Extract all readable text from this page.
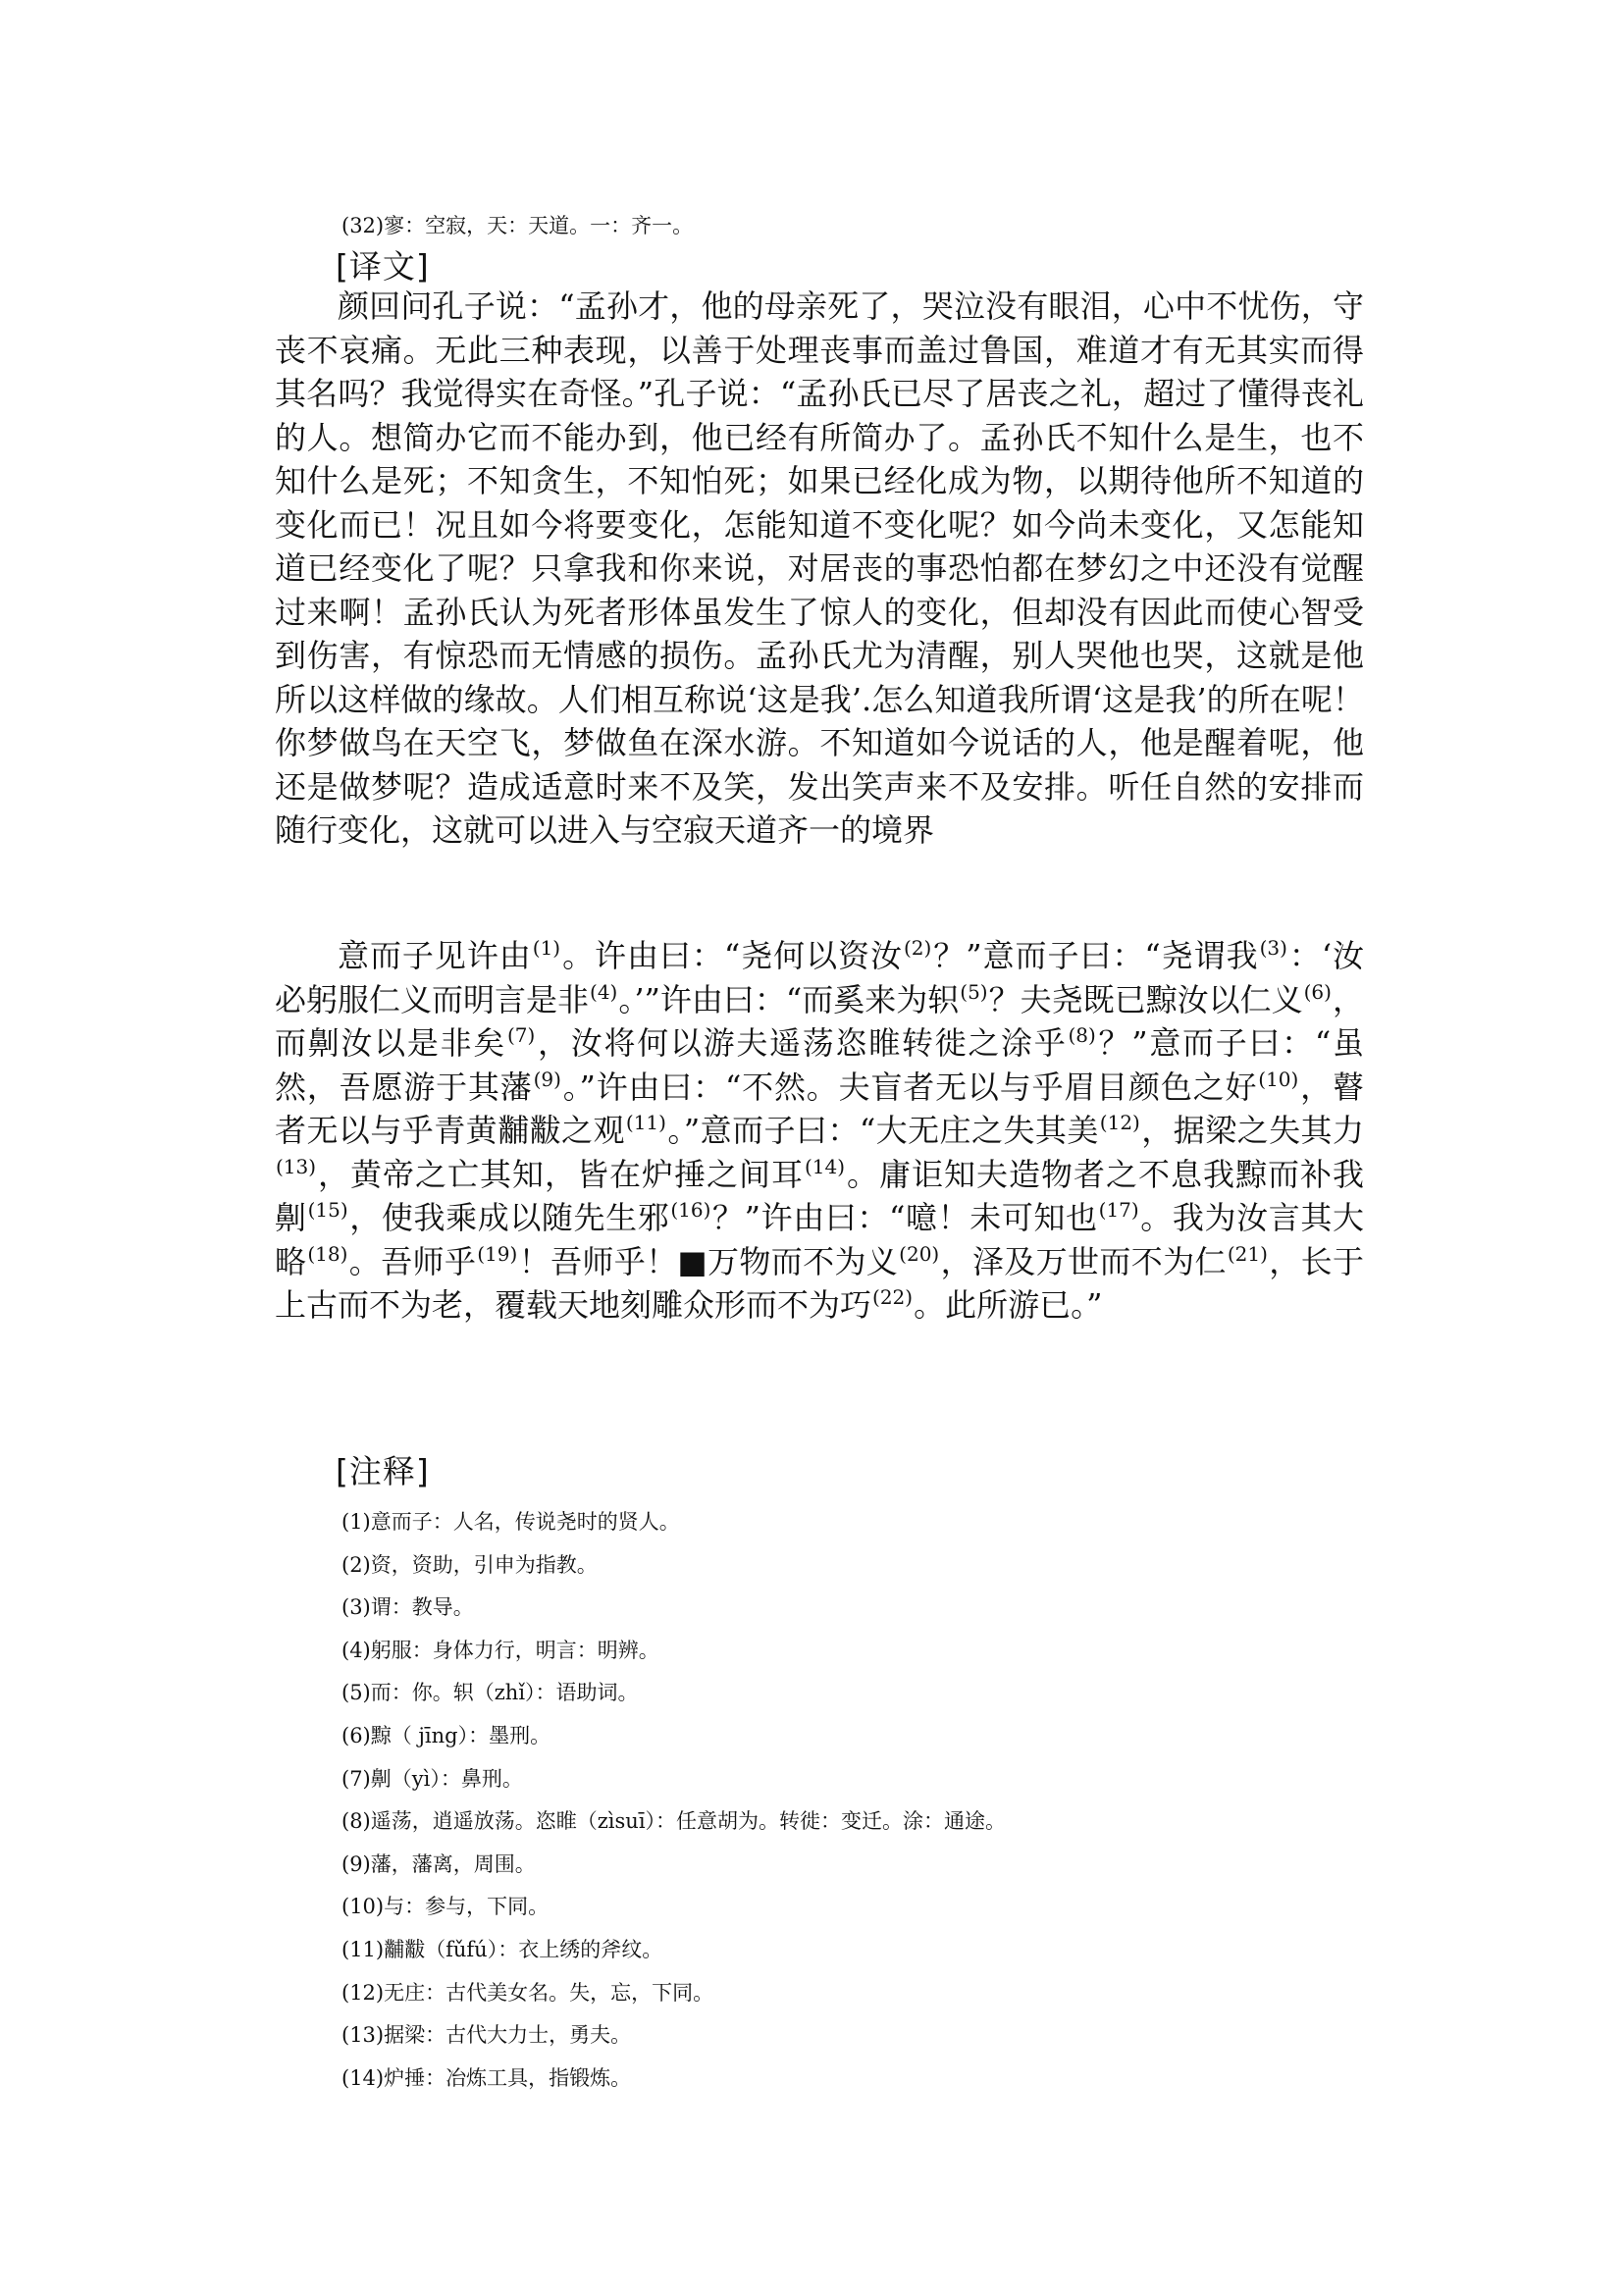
(32)寥：空寂，天：天道。一：齐一。
[译文]

颜回问孔子说：“孟孙才，他的母亲死了，哭泣没有眼泪，心中不忧伤，守丧不哀痛。无此三种表现，以善于处理丧事而盖过鲁国，难道才有无其实而得其名吗？我觉得实在奇怪。”孔子说：“孟孙氏已尽了居丧之礼，超过了懂得丧礼的人。想简办它而不能办到，他已经有所简办了。孟孙氏不知什么是生，也不知什么是死；不知贪生，不知怕死；如果已经化成为物，以期待他所不知道的变化而已！况且如今将要变化，怎能知道不变化呢？如今尚未变化，又怎能知道已经变化了呢？只拿我和你来说，对居丧的事恐怕都在梦幻之中还没有觉醒过来啊！孟孙氏认为死者形体虽发生了惊人的变化，但却没有因此而使心智受到伤害，有惊恐而无情感的损伤。孟孙氏尤为清醒，别人哭他也哭，这就是他所以这样做的缘故。人们相互称说‘这是我’.怎么知道我所谓‘这是我’的所在呢！你梦做鸟在天空飞，梦做鱼在深水游。不知道如今说话的人，他是醒着呢，他还是做梦呢？造成适意时来不及笑，发出笑声来不及安排。听任自然的安排而随行变化，这就可以进入与空寂天道齐一的境界

意而子见许由$^{(1)}$。许由曰：“尧何以资汝$^{(2)}$？”意而子曰：“尧谓我$^{(3)}$：‘汝必躬服仁义而明言是非$^{(4)}$。’”许由曰：“而奚来为轵$^{(5)}$？夫尧既已黥汝以仁义$^{(6)}$，而劓汝以是非矣$^{(7)}$，汝将何以游夫遥荡恣睢转徙之涂乎$^{(8)}$？”意而子曰：“虽然，吾愿游于其藩$^{(9)}$。”许由曰：“不然。夫盲者无以与乎眉目颜色之好$^{(10)}$，瞽者无以与乎青黄黼黻之观$^{(11)}$。”意而子曰：“大无庄之失其美$^{(12)}$，据梁之失其力$^{(13)}$，黄帝之亡其知，皆在炉捶之间耳$^{(14)}$。庸讵知夫造物者之不息我黥而补我劓$^{(15)}$，使我乘成以随先生邪$^{(16)}$？”许由曰：“噫！未可知也$^{(17)}$。我为汝言其大略$^{(18)}$。吾师乎$^{(19)}$！吾师乎！■万物而不为义$^{(20)}$，泽及万世而不为仁$^{(21)}$，长于上古而不为老，覆载天地刻雕众形而不为巧$^{(22)}$。此所游已。”

[注释]
(1)意而子：人名，传说尧时的贤人。
(2)资，资助，引申为指教。
(3)谓：教导。
(4)躬服：身体力行，明言：明辨。
(5)而：你。轵（zhǐ）：语助词。
(6)黥（ jīng）：墨刑。
(7)劓（yì）：鼻刑。
(8)遥荡，逍遥放荡。恣睢（zìsuī）：任意胡为。转徙：变迁。涂：通途。
(9)藩，藩离，周围。
(10)与：参与，下同。
(11)黼黻（fǔfú）：衣上绣的斧纹。
(12)无庄：古代美女名。失，忘，下同。
(13)据梁：古代大力士，勇夫。
(14)炉捶：冶炼工具，指锻炼。
